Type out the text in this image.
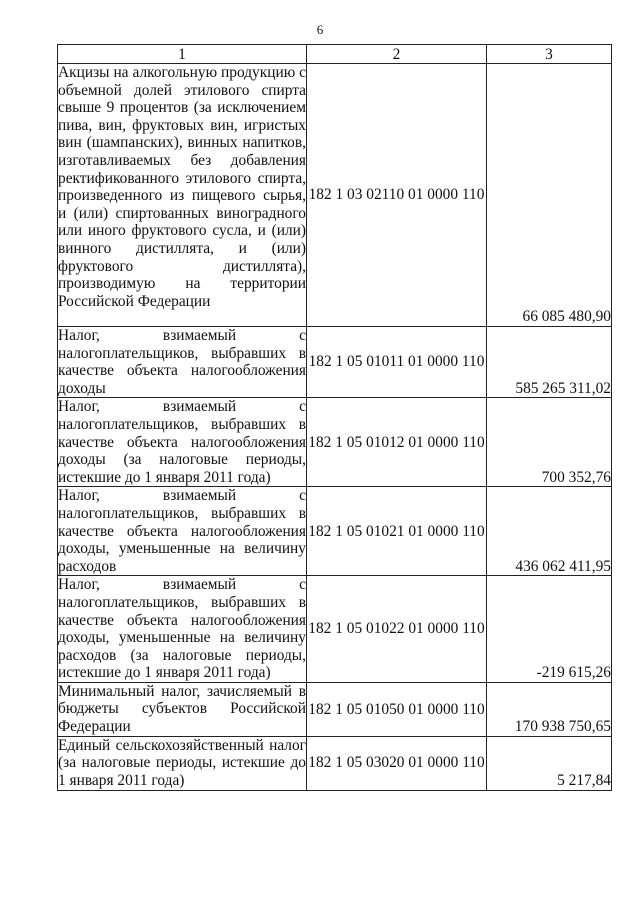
6
1	2	3
Акцизы на алкогольную продукцию с объемной долей этилового спирта свыше 9 процентов (за исключением пива, вин, фруктовых вин, игристых вин (шампанских), винных напитков, изготавливаемых без добавления ректификованного этилового спирта, произведенного из пищевого сырья, и (или) спиртованных виноградного или иного фруктового сусла, и (или) винного дистиллята, и (или) фруктового дистиллята), производимую на территории Российской Федерации	182 1 03 02110 01 0000 110	66 085 480,90
Налог, взимаемый с налогоплательщиков, выбравших в качестве объекта налогообложения доходы	182 1 05 01011 01 0000 110	585 265 311,02
Налог, взимаемый с налогоплательщиков, выбравших в качестве объекта налогообложения доходы (за налоговые периоды, истекшие до 1 января 2011 года)	182 1 05 01012 01 0000 110	700 352,76
Налог, взимаемый с налогоплательщиков, выбравших в качестве объекта налогообложения доходы, уменьшенные на величину расходов	182 1 05 01021 01 0000 110	436 062 411,95
Налог, взимаемый с налогоплательщиков, выбравших в качестве объекта налогообложения доходы, уменьшенные на величину расходов (за налоговые периоды, истекшие до 1 января 2011 года)	182 1 05 01022 01 0000 110	-219 615,26
Минимальный налог, зачисляемый в бюджеты субъектов Российской Федерации	182 1 05 01050 01 0000 110	170 938 750,65
Единый сельскохозяйственный налог (за налоговые периоды, истекшие до 1 января 2011 года)	182 1 05 03020 01 0000 110	5 217,84
